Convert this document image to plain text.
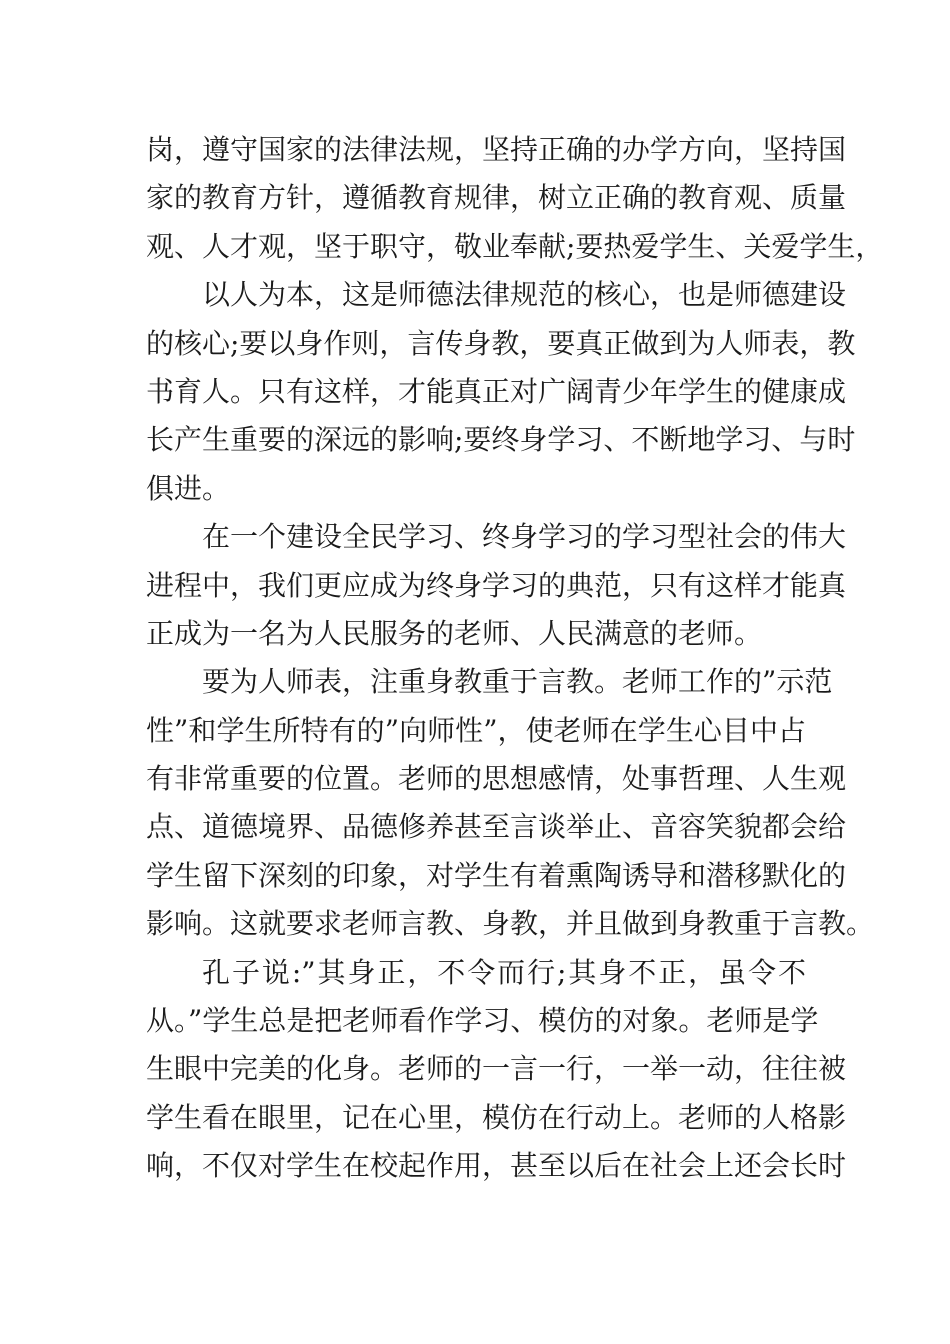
岗，遵守国家的法律法规，坚持正确的办学方向，坚持国
家的教育方针，遵循教育规律，树立正确的教育观、质量
观、人才观，坚于职守，敬业奉献;要热爱学生、关爱学生，
以人为本，这是师德法律规范的核心，也是师德建设
的核心;要以身作则，言传身教，要真正做到为人师表，教
书育人。只有这样，才能真正对广阔青少年学生的健康成
长产生重要的深远的影响;要终身学习、不断地学习、与时
俱进。
在一个建设全民学习、终身学习的学习型社会的伟大
进程中，我们更应成为终身学习的典范，只有这样才能真
正成为一名为人民服务的老师、人民满意的老师。
要为人师表，注重身教重于言教。老师工作的”示范
性”和学生所特有的”向师性”，使老师在学生心目中占
有非常重要的位置。老师的思想感情，处事哲理、人生观
点、道德境界、品德修养甚至言谈举止、音容笑貌都会给
学生留下深刻的印象，对学生有着熏陶诱导和潜移默化的
影响。这就要求老师言教、身教，并且做到身教重于言教。
孔子说:”其身正，不令而行;其身不正，虽令不
从。”学生总是把老师看作学习、模仿的对象。老师是学
生眼中完美的化身。老师的一言一行，一举一动，往往被
学生看在眼里，记在心里，模仿在行动上。老师的人格影
响，不仅对学生在校起作用，甚至以后在社会上还会长时
